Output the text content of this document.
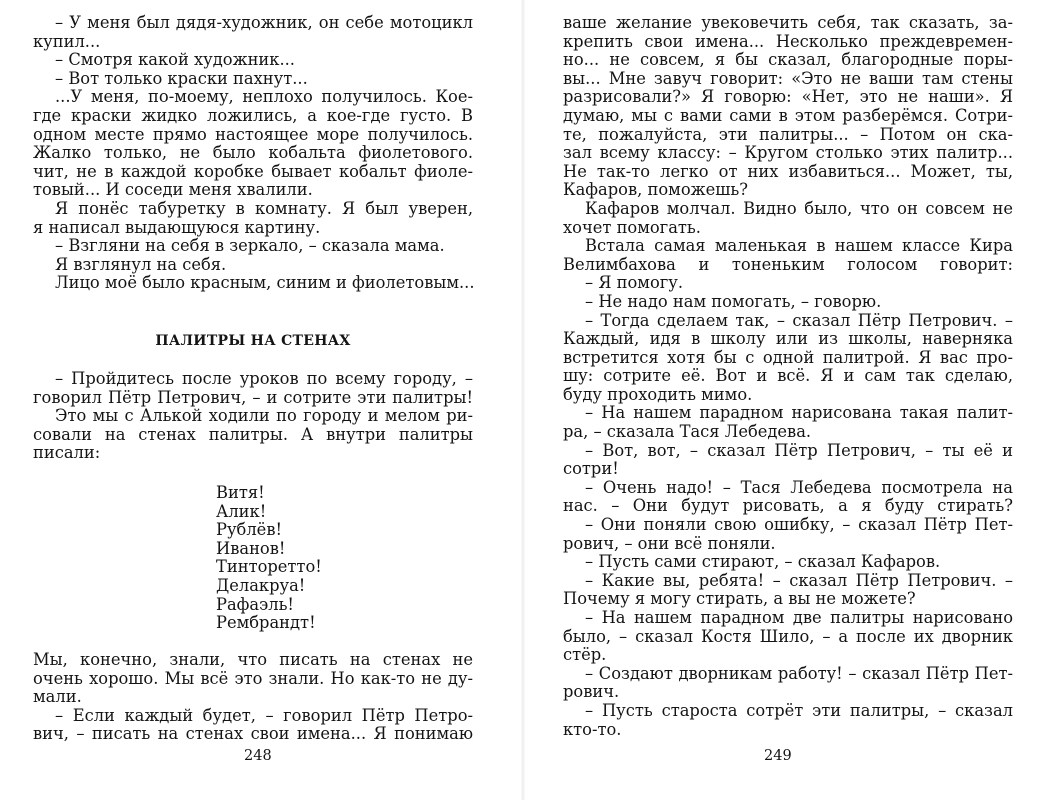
– У меня был дядя-художник, он себе мотоцикл
купил...
– Смотря какой художник...
– Вот только краски пахнут...
...У меня, по-моему, неплохо получилось. Кое-
где краски жидко ложились, а кое-где густо. В
одном месте прямо настоящее море получилось.
Жалко только, не было кобальта фиолетового.
чит, не в каждой коробке бывает кобальт фиоле-
товый... И соседи меня хвалили.
Я понёс табуретку в комнату. Я был уверен,
я написал выдающуюся картину.
– Взгляни на себя в зеркало, – сказала мама.
Я взглянул на себя.
Лицо моё было красным, синим и фиолетовым...
ПАЛИТРЫ НА СТЕНАХ
– Пройдитесь после уроков по всему городу, –
говорил Пётр Петрович, – и сотрите эти палитры!
Это мы с Алькой ходили по городу и мелом ри-
совали на стенах палитры. А внутри палитры
писали:
Витя!
Алик!
Рублёв!
Иванов!
Тинторетто!
Делакруа!
Рафаэль!
Рембрандт!
Мы, конечно, знали, что писать на стенах не
очень хорошо. Мы всё это знали. Но как-то не ду-
мали.
– Если каждый будет, – говорил Пётр Петро-
вич, – писать на стенах свои имена... Я понимаю
248
ваше желание увековечить себя, так сказать, за-
крепить свои имена... Несколько преждевремен-
но... не совсем, я бы сказал, благородные поры-
вы... Мне завуч говорит: «Это не ваши там стены
разрисовали?» Я говорю: «Нет, это не наши». Я
думаю, мы с вами сами в этом разберёмся. Сотри-
те, пожалуйста, эти палитры... – Потом он ска-
зал всему классу: – Кругом столько этих палитр...
Не так-то легко от них избавиться... Может, ты,
Кафаров, поможешь?
Кафаров молчал. Видно было, что он совсем не
хочет помогать.
Встала самая маленькая в нашем классе Кира
Велимбахова и тоненьким голосом говорит:
– Я помогу.
– Не надо нам помогать, – говорю.
– Тогда сделаем так, – сказал Пётр Петрович. –
Каждый, идя в школу или из школы, наверняка
встретится хотя бы с одной палитрой. Я вас про-
шу: сотрите её. Вот и всё. Я и сам так сделаю,
буду проходить мимо.
– На нашем парадном нарисована такая палит-
ра, – сказала Тася Лебедева.
– Вот, вот, – сказал Пётр Петрович, – ты её и
сотри!
– Очень надо! – Тася Лебедева посмотрела на
нас. – Они будут рисовать, а я буду стирать?
– Они поняли свою ошибку, – сказал Пётр Пет-
рович, – они всё поняли.
– Пусть сами стирают, – сказал Кафаров.
– Какие вы, ребята! – сказал Пётр Петрович. –
Почему я могу стирать, а вы не можете?
– На нашем парадном две палитры нарисовано
было, – сказал Костя Шило, – а после их дворник
стёр.
– Создают дворникам работу! – сказал Пётр Пет-
рович.
– Пусть староста сотрёт эти палитры, – сказал
кто-то.
249
